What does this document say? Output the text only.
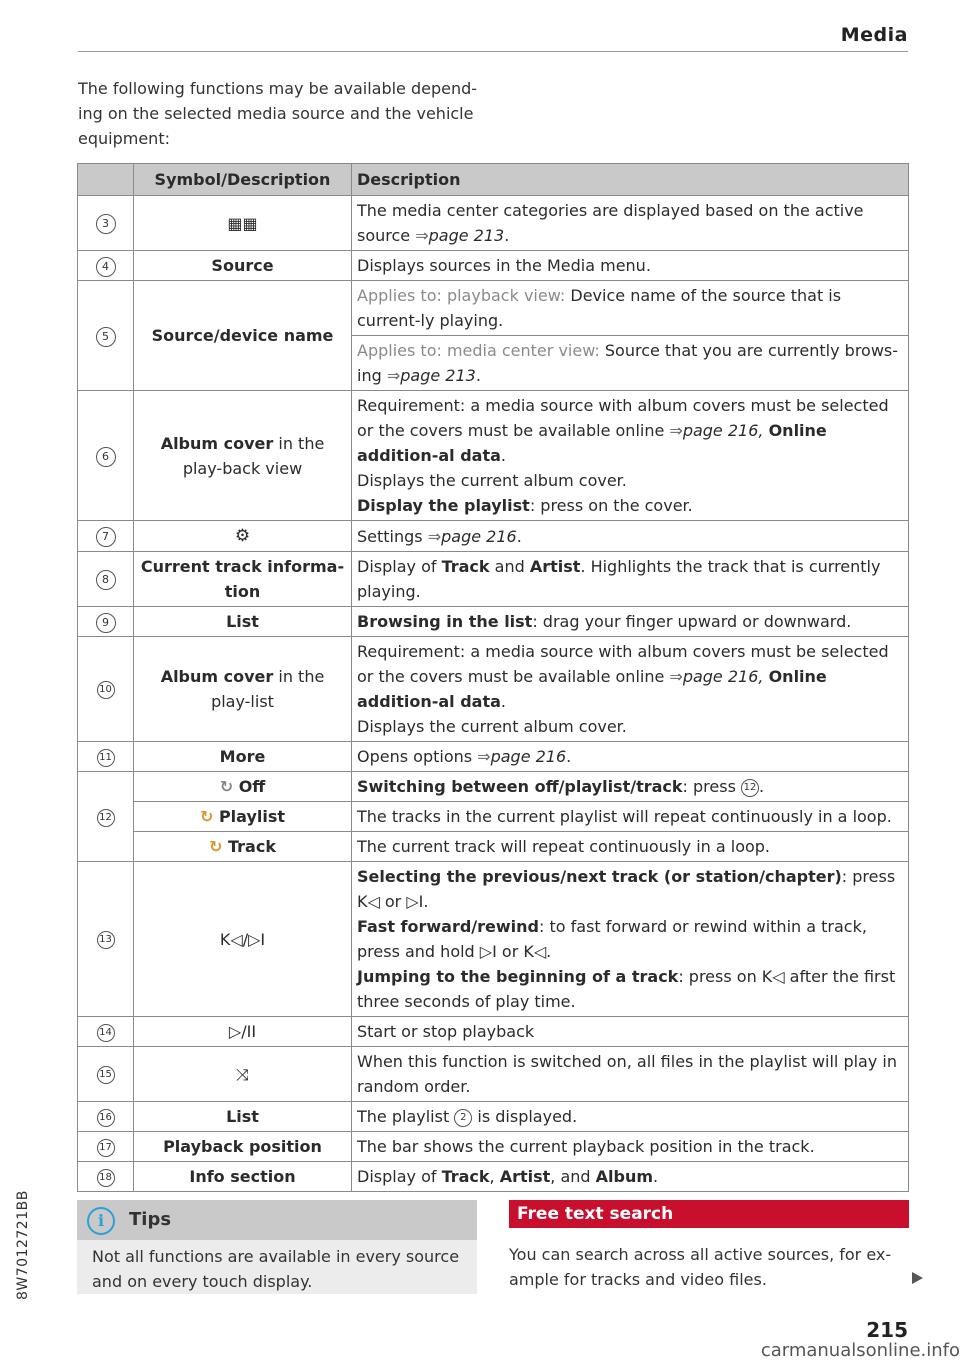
Media
The following functions may be available depend-ing on the selected media source and the vehicle equipment:
	Symbol/Description	Description
3	▦▦	The media center categories are displayed based on the active source ⇒page 213.
4	Source	Displays sources in the Media menu.
5	Source/device name	Applies to: playback view: Device name of the source that is current-ly playing.
		Applies to: media center view: Source that you are currently brows-ing ⇒page 213.
6	Album cover in the play-back view	Requirement: a media source with album covers must be selected or the covers must be available online ⇒page 216, Online addition-al data.
Displays the current album cover.
Display the playlist: press on the cover.
7	⚙	Settings ⇒page 216.
8	Current track informa-tion	Display of Track and Artist. Highlights the track that is currently playing.
9	List	Browsing in the list: drag your finger upward or downward.
10	Album cover in the play-list	Requirement: a media source with album covers must be selected or the covers must be available online ⇒page 216, Online addition-al data.
Displays the current album cover.
11	More	Opens options ⇒page 216.
12	↻ Off	Switching between off/playlist/track: press 12 .
	↻ Playlist	The tracks in the current playlist will repeat continuously in a loop.
	↻ Track	The current track will repeat continuously in a loop.
13	K◁/▷I	Selecting the previous/next track (or station/chapter): press K◁ or ▷I.
Fast forward/rewind: to fast forward or rewind within a track, press and hold ▷I or K◁.
Jumping to the beginning of a track: press on K◁ after the first three seconds of play time.
14	▷/II	Start or stop playback
15	⤨	When this function is switched on, all files in the playlist will play in random order.
16	List	The playlist 2 is displayed.
17	Playback position	The bar shows the current playback position in the track.
18	Info section	Display of Track, Artist, and Album.
i	Tips
Not all functions are available in every source and on every touch display.
Free text search
You can search across all active sources, for ex-ample for tracks and video files.
8W7012721BB
215
carmanualsonline.info
